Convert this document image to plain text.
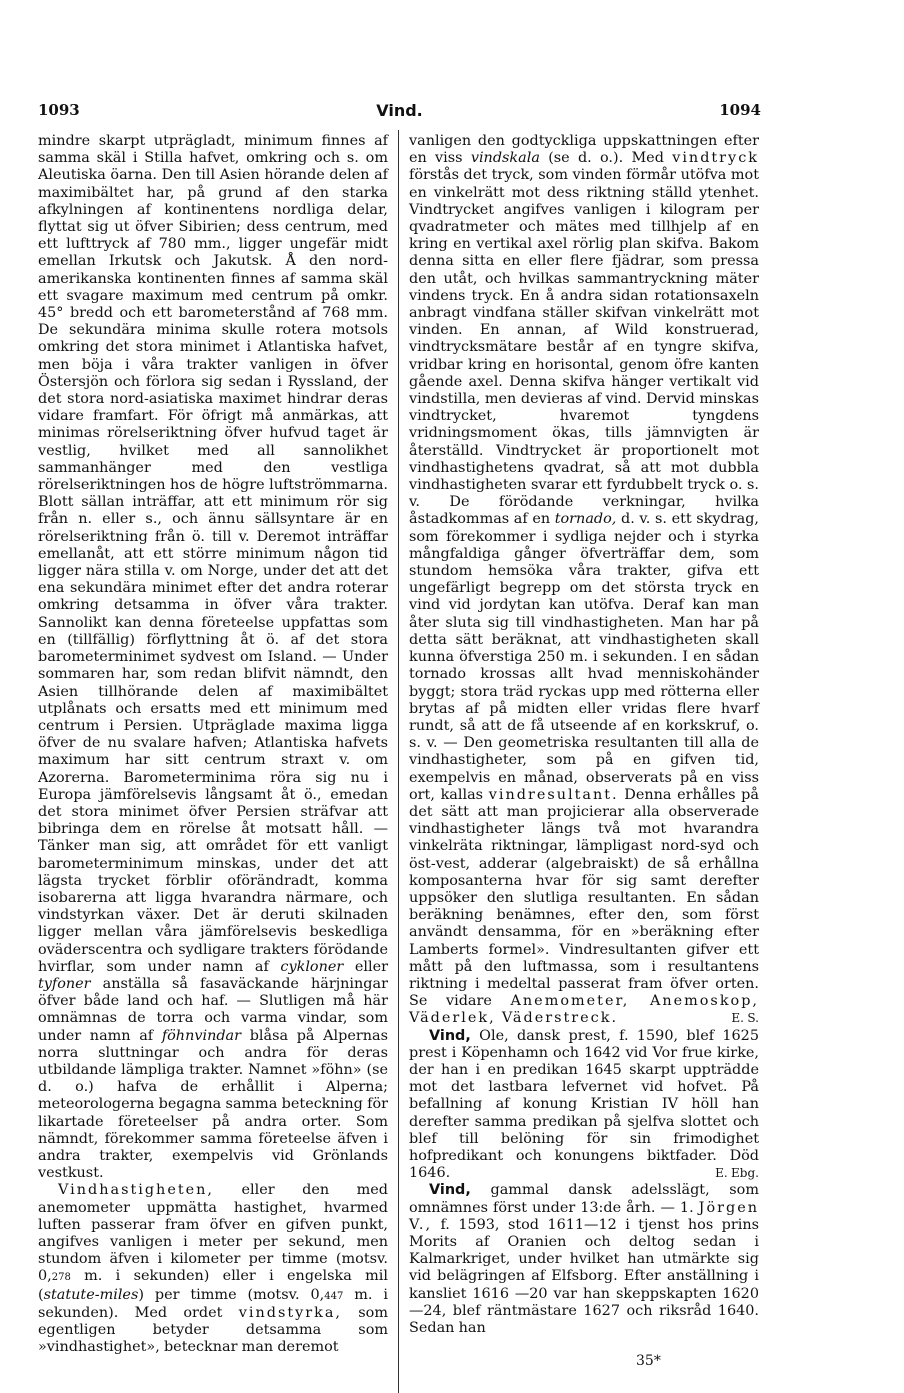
1093	Vind.	1094

mindre skarpt utprägladt, minimum finnes af samma skäl i Stilla hafvet, omkring och s. om Aleutiska öarna. Den till Asien hörande delen af maximibältet har, på grund af den starka afkylningen af kontinentens nordliga delar, flyttat sig ut öfver Sibirien; dess centrum, med ett lufttryck af 780 mm., ligger ungefär midt emellan Irkutsk och Jakutsk. Å den nord-amerikanska kontinenten finnes af samma skäl ett svagare maximum med centrum på omkr. 45° bredd och ett barometerstånd af 768 mm. De sekundära minima skulle rotera motsols omkring det stora minimet i Atlantiska hafvet, men böja i våra trakter vanligen in öfver Östersjön och förlora sig sedan i Ryssland, der det stora nord-asiatiska maximet hindrar deras vidare framfart. För öfrigt må anmärkas, att minimas rörelseriktning öfver hufvud taget är vestlig, hvilket med all sannolikhet sammanhänger med den vestliga rörelseriktningen hos de högre luftströmmarna. Blott sällan inträffar, att ett minimum rör sig från n. eller s., och ännu sällsyntare är en rörelseriktning från ö. till v. Deremot inträffar emellanåt, att ett större minimum någon tid ligger nära stilla v. om Norge, under det att det ena sekundära minimet efter det andra roterar omkring detsamma in öfver våra trakter. Sannolikt kan denna företeelse uppfattas som en (tillfällig) förflyttning åt ö. af det stora barometerminimet sydvest om Island. — Under sommaren har, som redan blifvit nämndt, den Asien tillhörande delen af maximibältet utplånats och ersatts med ett minimum med centrum i Persien. Utpräglade maxima ligga öfver de nu svalare hafven; Atlantiska hafvets maximum har sitt centrum straxt v. om Azorerna. Barometerminima röra sig nu i Europa jämförelsevis långsamt åt ö., emedan det stora minimet öfver Persien sträfvar att bibringa dem en rörelse åt motsatt håll. — Tänker man sig, att området för ett vanligt barometerminimum minskas, under det att lägsta trycket förblir oförändradt, komma isobarerna att ligga hvarandra närmare, och vindstyrkan växer. Det är deruti skilnaden ligger mellan våra jämförelsevis beskedliga oväderscentra och sydligare trakters förödande hvirflar, som under namn af cykloner eller tyfoner anställa så fasaväckande härjningar öfver både land och haf. — Slutligen må här omnämnas de torra och varma vindar, som under namn af föhnvindar blåsa på Alpernas norra sluttningar och andra för deras utbildande lämpliga trakter. Namnet »föhn» (se d. o.) hafva de erhållit i Alperna; meteorologerna begagna samma beteckning för likartade företeelser på andra orter. Som nämndt, förekommer samma företeelse äfven i andra trakter, exempelvis vid Grönlands vestkust.

Vindhastigheten, eller den med anemometer uppmätta hastighet, hvarmed luften passerar fram öfver en gifven punkt, angifves vanligen i meter per sekund, men stundom äfven i kilometer per timme (motsv. 0,278 m. i sekunden) eller i engelska mil (statute-miles) per timme (motsv. 0,447 m. i sekunden). Med ordet vindstyrka, som egentligen betyder detsamma som »vindhastighet», betecknar man deremot

vanligen den godtyckliga uppskattningen efter en viss vindskala (se d. o.). Med vindtryck förstås det tryck, som vinden förmår utöfva mot en vinkelrätt mot dess riktning ställd ytenhet. Vindtrycket angifves vanligen i kilogram per qvadratmeter och mätes med tillhjelp af en kring en vertikal axel rörlig plan skifva. Bakom denna sitta en eller flere fjädrar, som pressa den utåt, och hvilkas sammantryckning mäter vindens tryck. En å andra sidan rotationsaxeln anbragt vindfana ställer skifvan vinkelrätt mot vinden. En annan, af Wild konstruerad, vindtrycksmätare består af en tyngre skifva, vridbar kring en horisontal, genom öfre kanten gående axel. Denna skifva hänger vertikalt vid vindstilla, men devieras af vind. Dervid minskas vindtrycket, hvaremot tyngdens vridningsmoment ökas, tills jämnvigten är återställd. Vindtrycket är proportionelt mot vindhastighetens qvadrat, så att mot dubbla vindhastigheten svarar ett fyrdubbelt tryck o. s. v. De förödande verkningar, hvilka åstadkommas af en tornado, d. v. s. ett skydrag, som förekommer i sydliga nejder och i styrka mångfaldiga gånger öfverträffar dem, som stundom hemsöka våra trakter, gifva ett ungefärligt begrepp om det största tryck en vind vid jordytan kan utöfva. Deraf kan man åter sluta sig till vindhastigheten. Man har på detta sätt beräknat, att vindhastigheten skall kunna öfverstiga 250 m. i sekunden. I en sådan tornado krossas allt hvad menniskohänder byggt; stora träd ryckas upp med rötterna eller brytas af på midten eller vridas flere hvarf rundt, så att de få utseende af en korkskruf, o. s. v. — Den geometriska resultanten till alla de vindhastigheter, som på en gifven tid, exempelvis en månad, observerats på en viss ort, kallas vindresultant. Denna erhålles på det sätt att man projicierar alla observerade vindhastigheter längs två mot hvarandra vinkelräta riktningar, lämpligast nord-syd och öst-vest, adderar (algebraiskt) de så erhållna komposanterna hvar för sig samt derefter uppsöker den slutliga resultanten. En sådan beräkning benämnes, efter den, som först användt densamma, för en »beräkning efter Lamberts formel». Vindresultanten gifver ett mått på den luftmassa, som i resultantens riktning i medeltal passerat fram öfver orten. Se vidare Anemometer, Anemoskop, Väderlek, Väderstreck.	E. S.

Vind, Ole, dansk prest, f. 1590, blef 1625 prest i Köpenhamn och 1642 vid Vor frue kirke, der han i en predikan 1645 skarpt uppträdde mot det lastbara lefvernet vid hofvet. På befallning af konung Kristian IV höll han derefter samma predikan på sjelfva slottet och blef till belöning för sin frimodighet hofpredikant och konungens biktfader. Död 1646.	E. Ebg.

Vind, gammal dansk adelsslägt, som omnämnes först under 13:de årh. — 1. Jörgen V., f. 1593, stod 1611—12 i tjenst hos prins Morits af Oranien och deltog sedan i Kalmarkriget, under hvilket han utmärkte sig vid belägringen af Elfsborg. Efter anställning i kansliet 1616 —20 var han skeppskapten 1620—24, blef räntmästare 1627 och riksråd 1640. Sedan han

35*
